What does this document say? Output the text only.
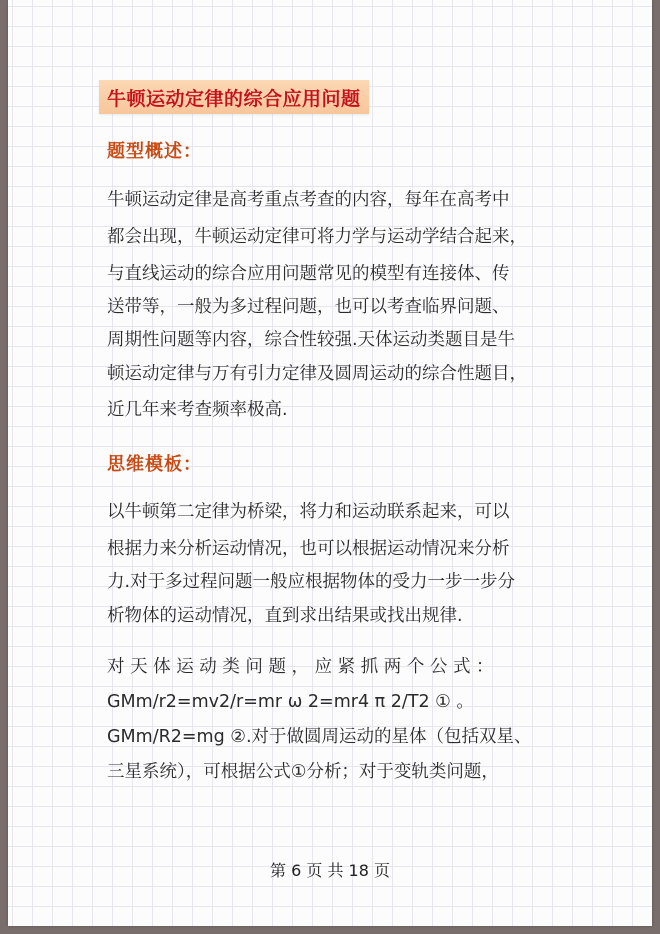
牛顿运动定律的综合应用问题
题型概述：
牛顿运动定律是高考重点考查的内容，每年在高考中
都会出现，牛顿运动定律可将力学与运动学结合起来，
与直线运动的综合应用问题常见的模型有连接体、传
送带等，一般为多过程问题，也可以考查临界问题、
周期性问题等内容，综合性较强.天体运动类题目是牛
顿运动定律与万有引力定律及圆周运动的综合性题目，
近几年来考查频率极高.
思维模板：
以牛顿第二定律为桥梁，将力和运动联系起来，可以
根据力来分析运动情况，也可以根据运动情况来分析
力.对于多过程问题一般应根据物体的受力一步一步分
析物体的运动情况，直到求出结果或找出规律.
对 天 体 运 动 类 问 题 ， 应 紧 抓 两 个 公 式 ：
GMm/r2=mv2/r=mr ω 2=mr4 π 2/T2 ① 。
GMm/R2=mg ②.对于做圆周运动的星体（包括双星、
三星系统），可根据公式①分析；对于变轨类问题，
第 6 页 共 18 页
